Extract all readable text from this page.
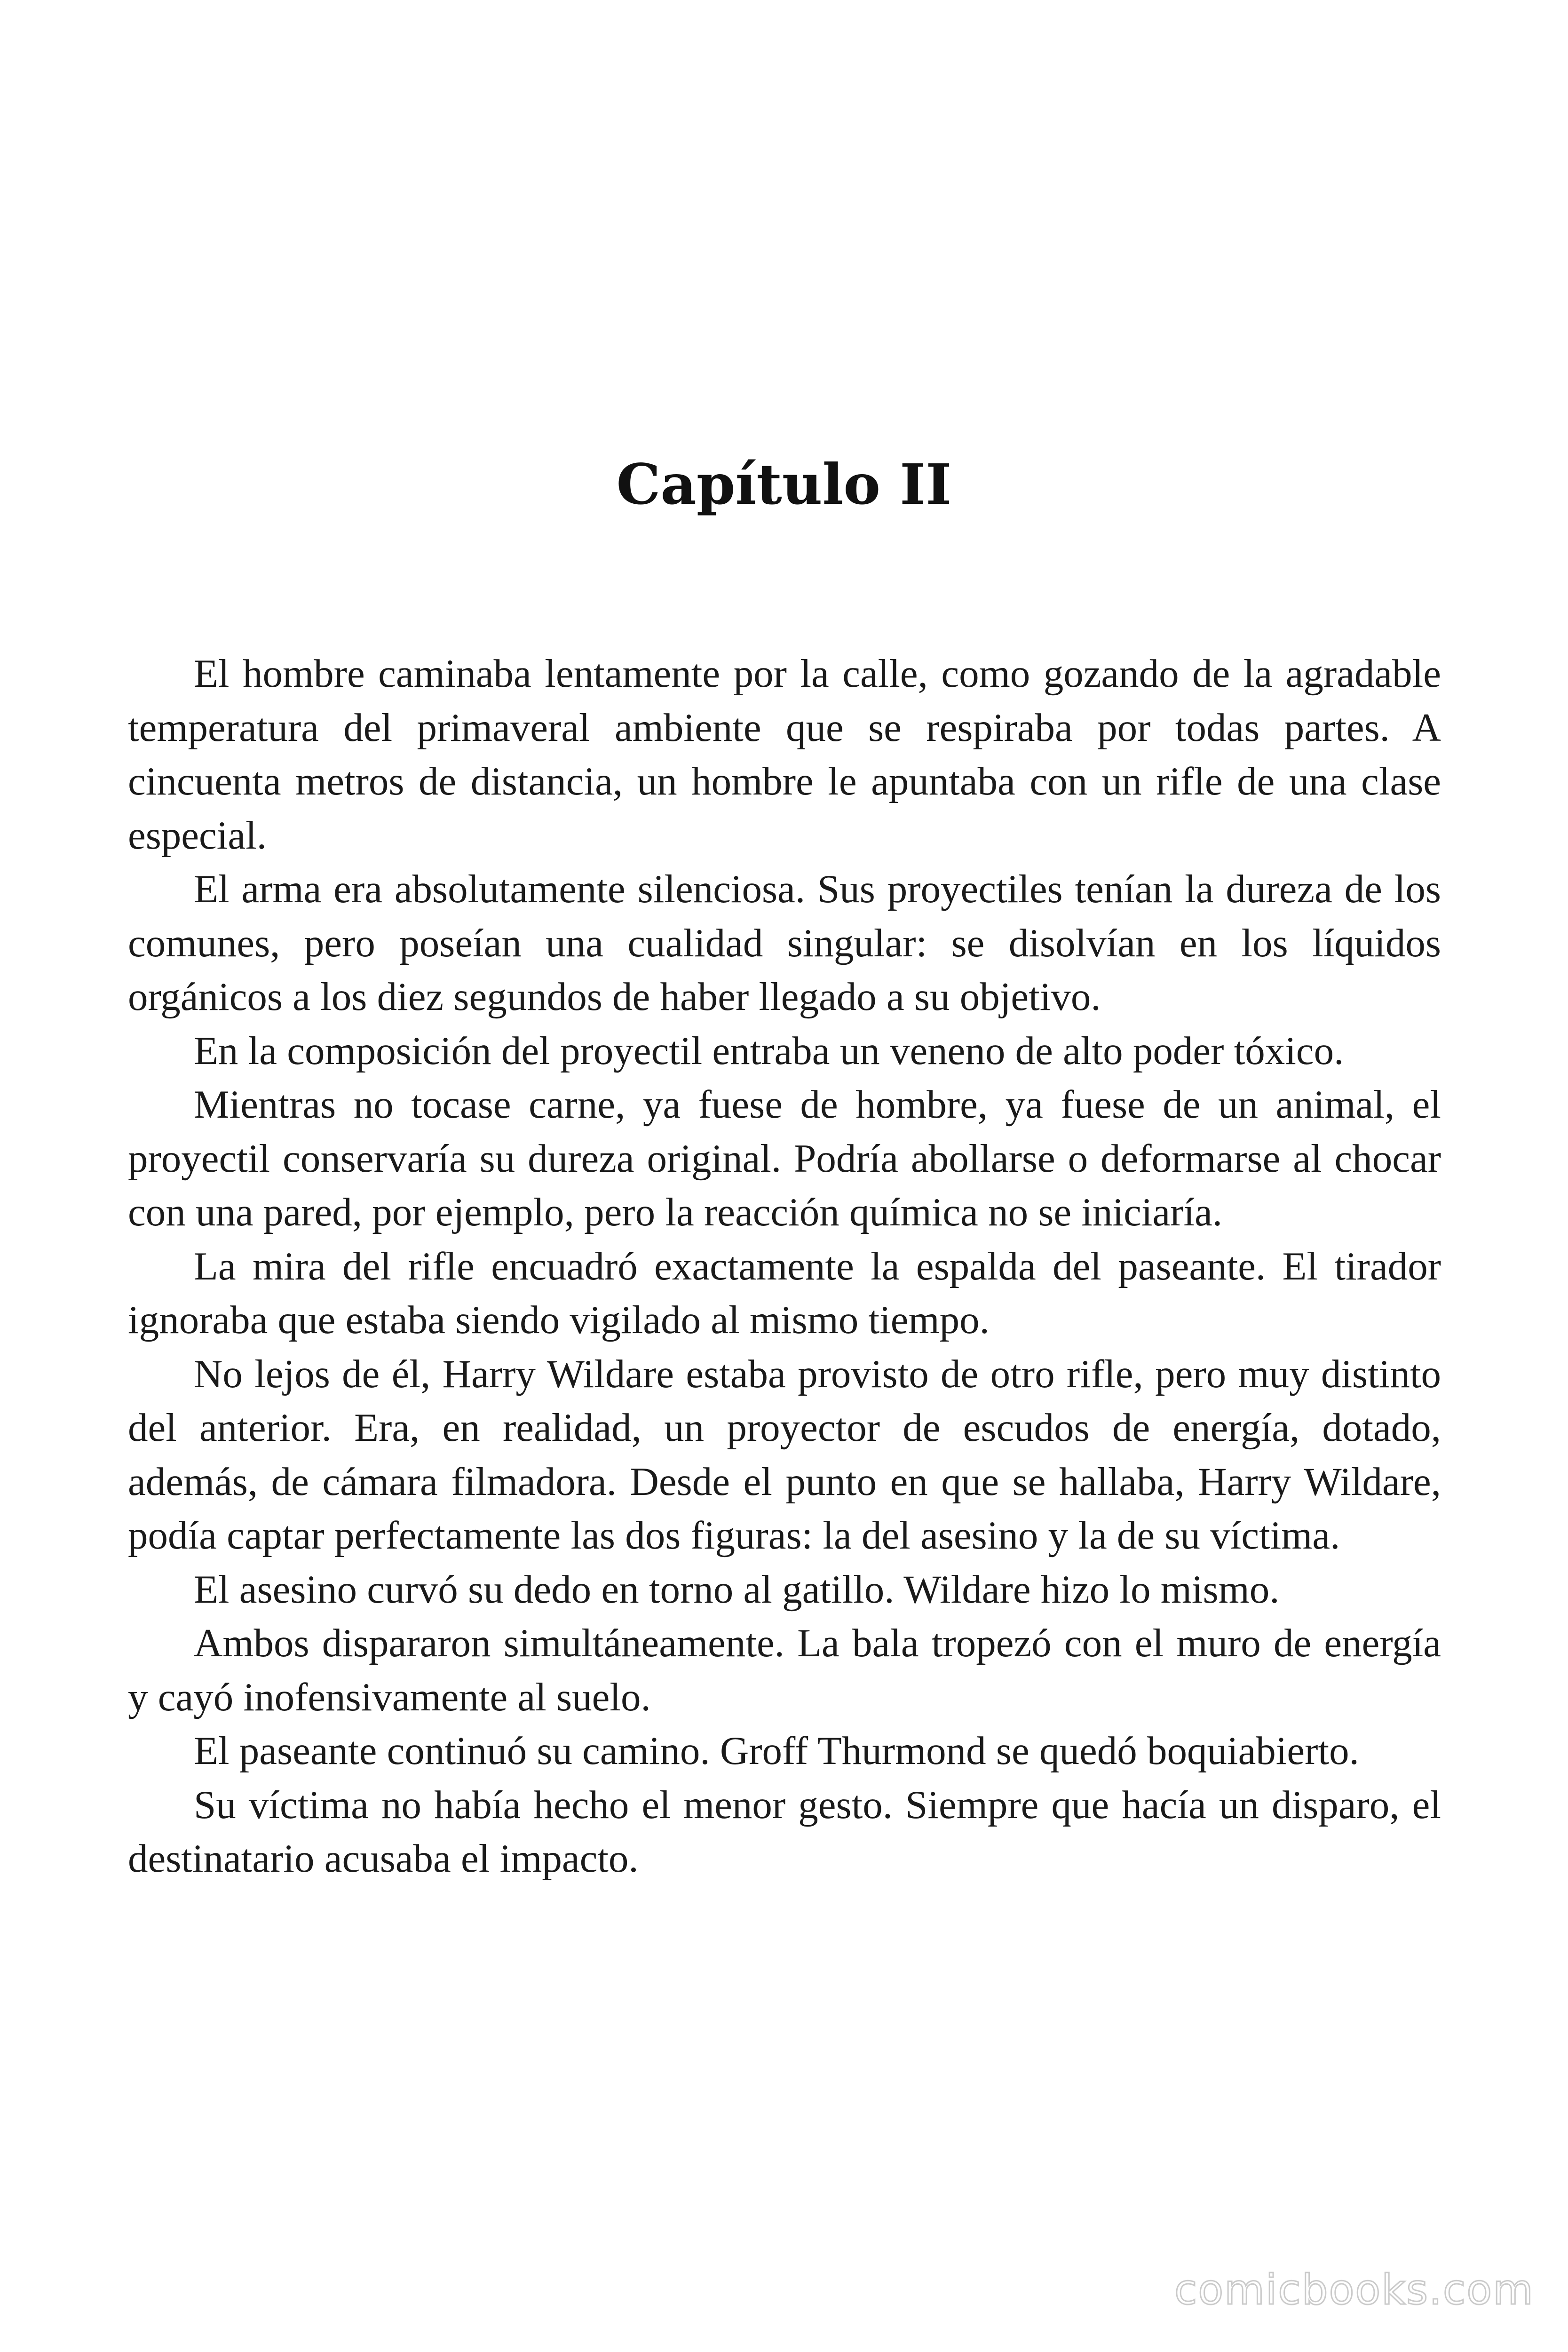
Capítulo II

El hombre caminaba lentamente por la calle, como gozando de la agradable temperatura del primaveral ambiente que se respiraba por todas partes. A cincuenta metros de distancia, un hombre le apuntaba con un rifle de una clase especial.

El arma era absolutamente silenciosa. Sus proyectiles tenían la dureza de los comunes, pero poseían una cualidad singular: se disolvían en los líquidos orgánicos a los diez segundos de haber llegado a su objetivo.

En la composición del proyectil entraba un veneno de alto poder tóxico.

Mientras no tocase carne, ya fuese de hombre, ya fuese de un animal, el proyectil conservaría su dureza original. Podría abollarse o deformarse al chocar con una pared, por ejemplo, pero la reacción química no se iniciaría.

La mira del rifle encuadró exactamente la espalda del paseante. El tirador ignoraba que estaba siendo vigilado al mismo tiempo.

No lejos de él, Harry Wildare estaba provisto de otro rifle, pero muy distinto del anterior. Era, en realidad, un proyector de escudos de energía, dotado, además, de cámara filmadora. Desde el punto en que se hallaba, Harry Wildare, podía captar perfectamente las dos figuras: la del asesino y la de su víctima.

El asesino curvó su dedo en torno al gatillo. Wildare hizo lo mismo.

Ambos dispararon simultáneamente. La bala tropezó con el muro de energía y cayó inofensivamente al suelo.

El paseante continuó su camino. Groff Thurmond se quedó boquiabierto.

Su víctima no había hecho el menor gesto. Siempre que hacía un disparo, el destinatario acusaba el impacto.

comicbooks.com
